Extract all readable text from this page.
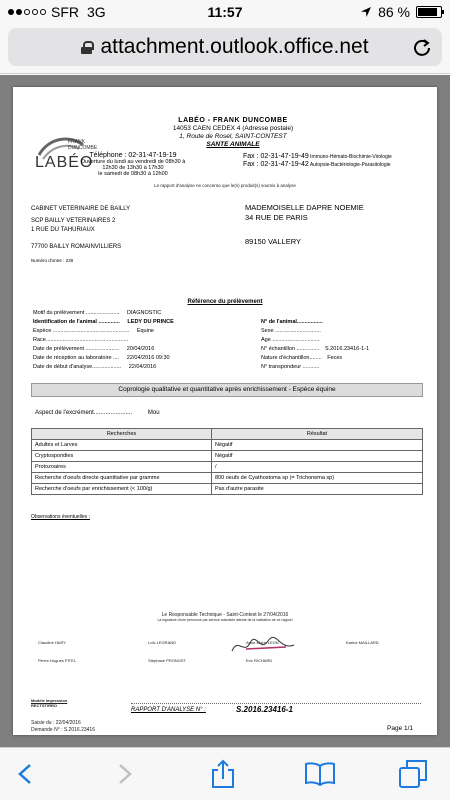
SFR 3G	11:57	86 %
attachment.outlook.office.net
FRANK
DUNCOMBE
LABÉO
LABÉO - FRANK DUNCOMBE
14053 CAEN CEDEX 4 (Adresse postale)
1, Route de Rosel, SAINT-CONTEST
SANTE ANIMALE
Téléphone : 02-31-47-19-19
Ouverture du lundi au vendredi de 08h30 à 12h30 de 13h30 à 17h30
le samedi de 08h30 à 12h00
Fax : 02-31-47-19-49 Immuno-Hémato-Biochimie-Virologie
Fax : 02-31-47-19-42 Autopsie-Bactériologie-Parasitologie
Le rapport d'analyse ne concerne que le(s) produit(s) soumis à analyse
CABINET VETERINAIRE DE BAILLY
SCP BAILLY VETERINAIRES 2
1 RUE DU TAHURIAUX
77700 BAILLY ROMAINVILLIERS
Numéro d'ontre : 239
MADEMOISELLE DAPRE NOEMIE
34 RUE DE PARIS
89150 VALLERY
Référence du prélèvement
Motif du prélèvement ...................... DIAGNOSTIC
Identification de l'animal .............. LEDY DU PRINCE
Espèce .................................................. Equine
Race......................................................
Date de prélèvement ...................... 20/04/2016
Date de réception au laboratoire .... 22/04/2016 09:30
Date de début d'analyse................... 22/04/2016

N° de l'animal.................
Sexe ..............................
Age ...............................
N° échantillon ............... S.2016.23416-1-1
Nature d'échantillon........ Feces
N° transpondeur ...........
Coprologie qualitative et quantitative après enrichissement - Espèce équine
Aspect de l'excrément.......................	Mou
Recherches	Résultat
Adultes et Larves	Négatif
Cryptosporidies	Négatif
Protozoaires	/
Recherche d'oeufs directe quantitative par gramme	800 oeufs de Cyathostoma sp (= Trichonema sp)
Recherche d'oeufs par enrichissement (< 100/g)	Pas d'autre parasite
Observations éventuelles :
Le Responsable Technique - Saint-Contest le 27/04/2016
La signature d'une personne par service autorisée atteste de la validation de ce rapport
Claudine HARY	Loïc LEGRAND	Anne-Marie LEON	Karine MAILLARD
Pierre-Hugues PITEL	Stéphane PRONOST	Eric RICHARD
Modèle Impression
RECTSTIRRO
RAPPORT D'ANALYSE N° :	S.2016.23416-1
Saisie du : 22/04/2016
Demande N° : S.2016.23416	Page 1/1
